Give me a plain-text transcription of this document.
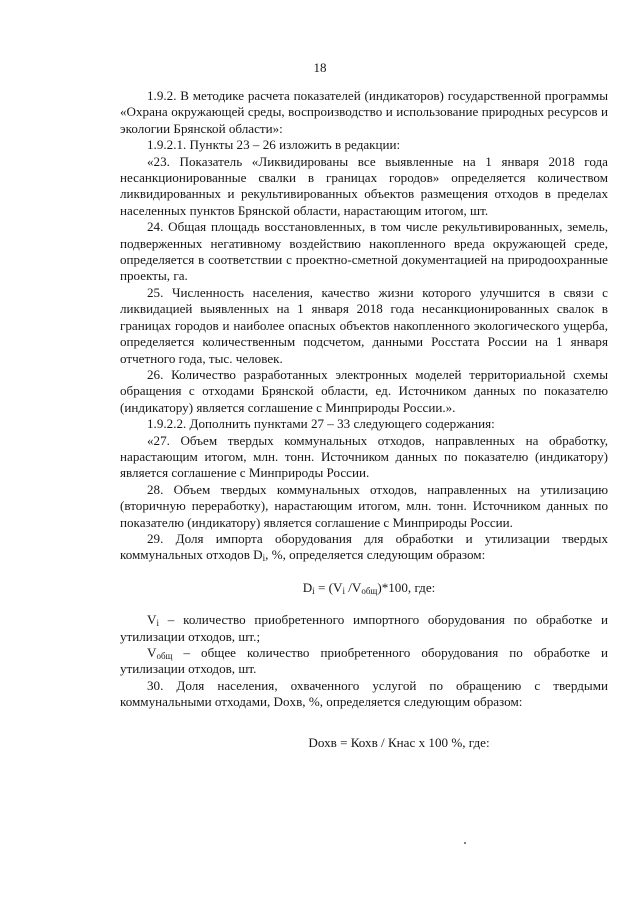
18

1.9.2. В методике расчета показателей (индикаторов) государственной программы «Охрана окружающей среды, воспроизводство и использование природных ресурсов и экологии Брянской области»:

1.9.2.1. Пункты 23 – 26 изложить в редакции:

«23. Показатель «Ликвидированы все выявленные на 1 января 2018 года несанкционированные свалки в границах городов» определяется количеством ликвидированных и рекультивированных объектов размещения отходов в пределах населенных пунктов Брянской области, нарастающим итогом, шт.

24. Общая площадь восстановленных, в том числе рекультивированных, земель, подверженных негативному воздействию накопленного вреда окружающей среде, определяется в соответствии с проектно-сметной документацией на природоохранные проекты, га.

25. Численность населения, качество жизни которого улучшится в связи с ликвидацией выявленных на 1 января 2018 года несанкционированных свалок в границах городов и наиболее опасных объектов накопленного экологического ущерба, определяется количественным подсчетом, данными Росстата России на 1 января отчетного года, тыс. человек.

26. Количество разработанных электронных моделей территориальной схемы обращения с отходами Брянской области, ед. Источником данных по показателю (индикатору) является соглашение с Минприроды России.».

1.9.2.2. Дополнить пунктами 27 – 33 следующего содержания:

«27. Объем твердых коммунальных отходов, направленных на обработку, нарастающим итогом, млн. тонн. Источником данных по показателю (индикатору) является соглашение с Минприроды России.

28. Объем твердых коммунальных отходов, направленных на утилизацию (вторичную переработку), нарастающим итогом, млн. тонн. Источником данных по показателю (индикатору) является соглашение с Минприроды России.

29. Доля импорта оборудования для обработки и утилизации твердых коммунальных отходов $D_i$, %, определяется следующим образом:

$D_i = (V_i$ $/V_{общ})*100$, где:

$V_i$ – количество приобретенного импортного оборудования по обработке и утилизации отходов, шт.;

$V_{общ}$ – общее количество приобретенного оборудования по обработке и утилизации отходов, шт.

30. Доля населения, охваченного услугой по обращению с твердыми коммунальными отходами, Doхв, %, определяется следующим образом:

Dохв = Кохв / Кнас х 100 %, где:
